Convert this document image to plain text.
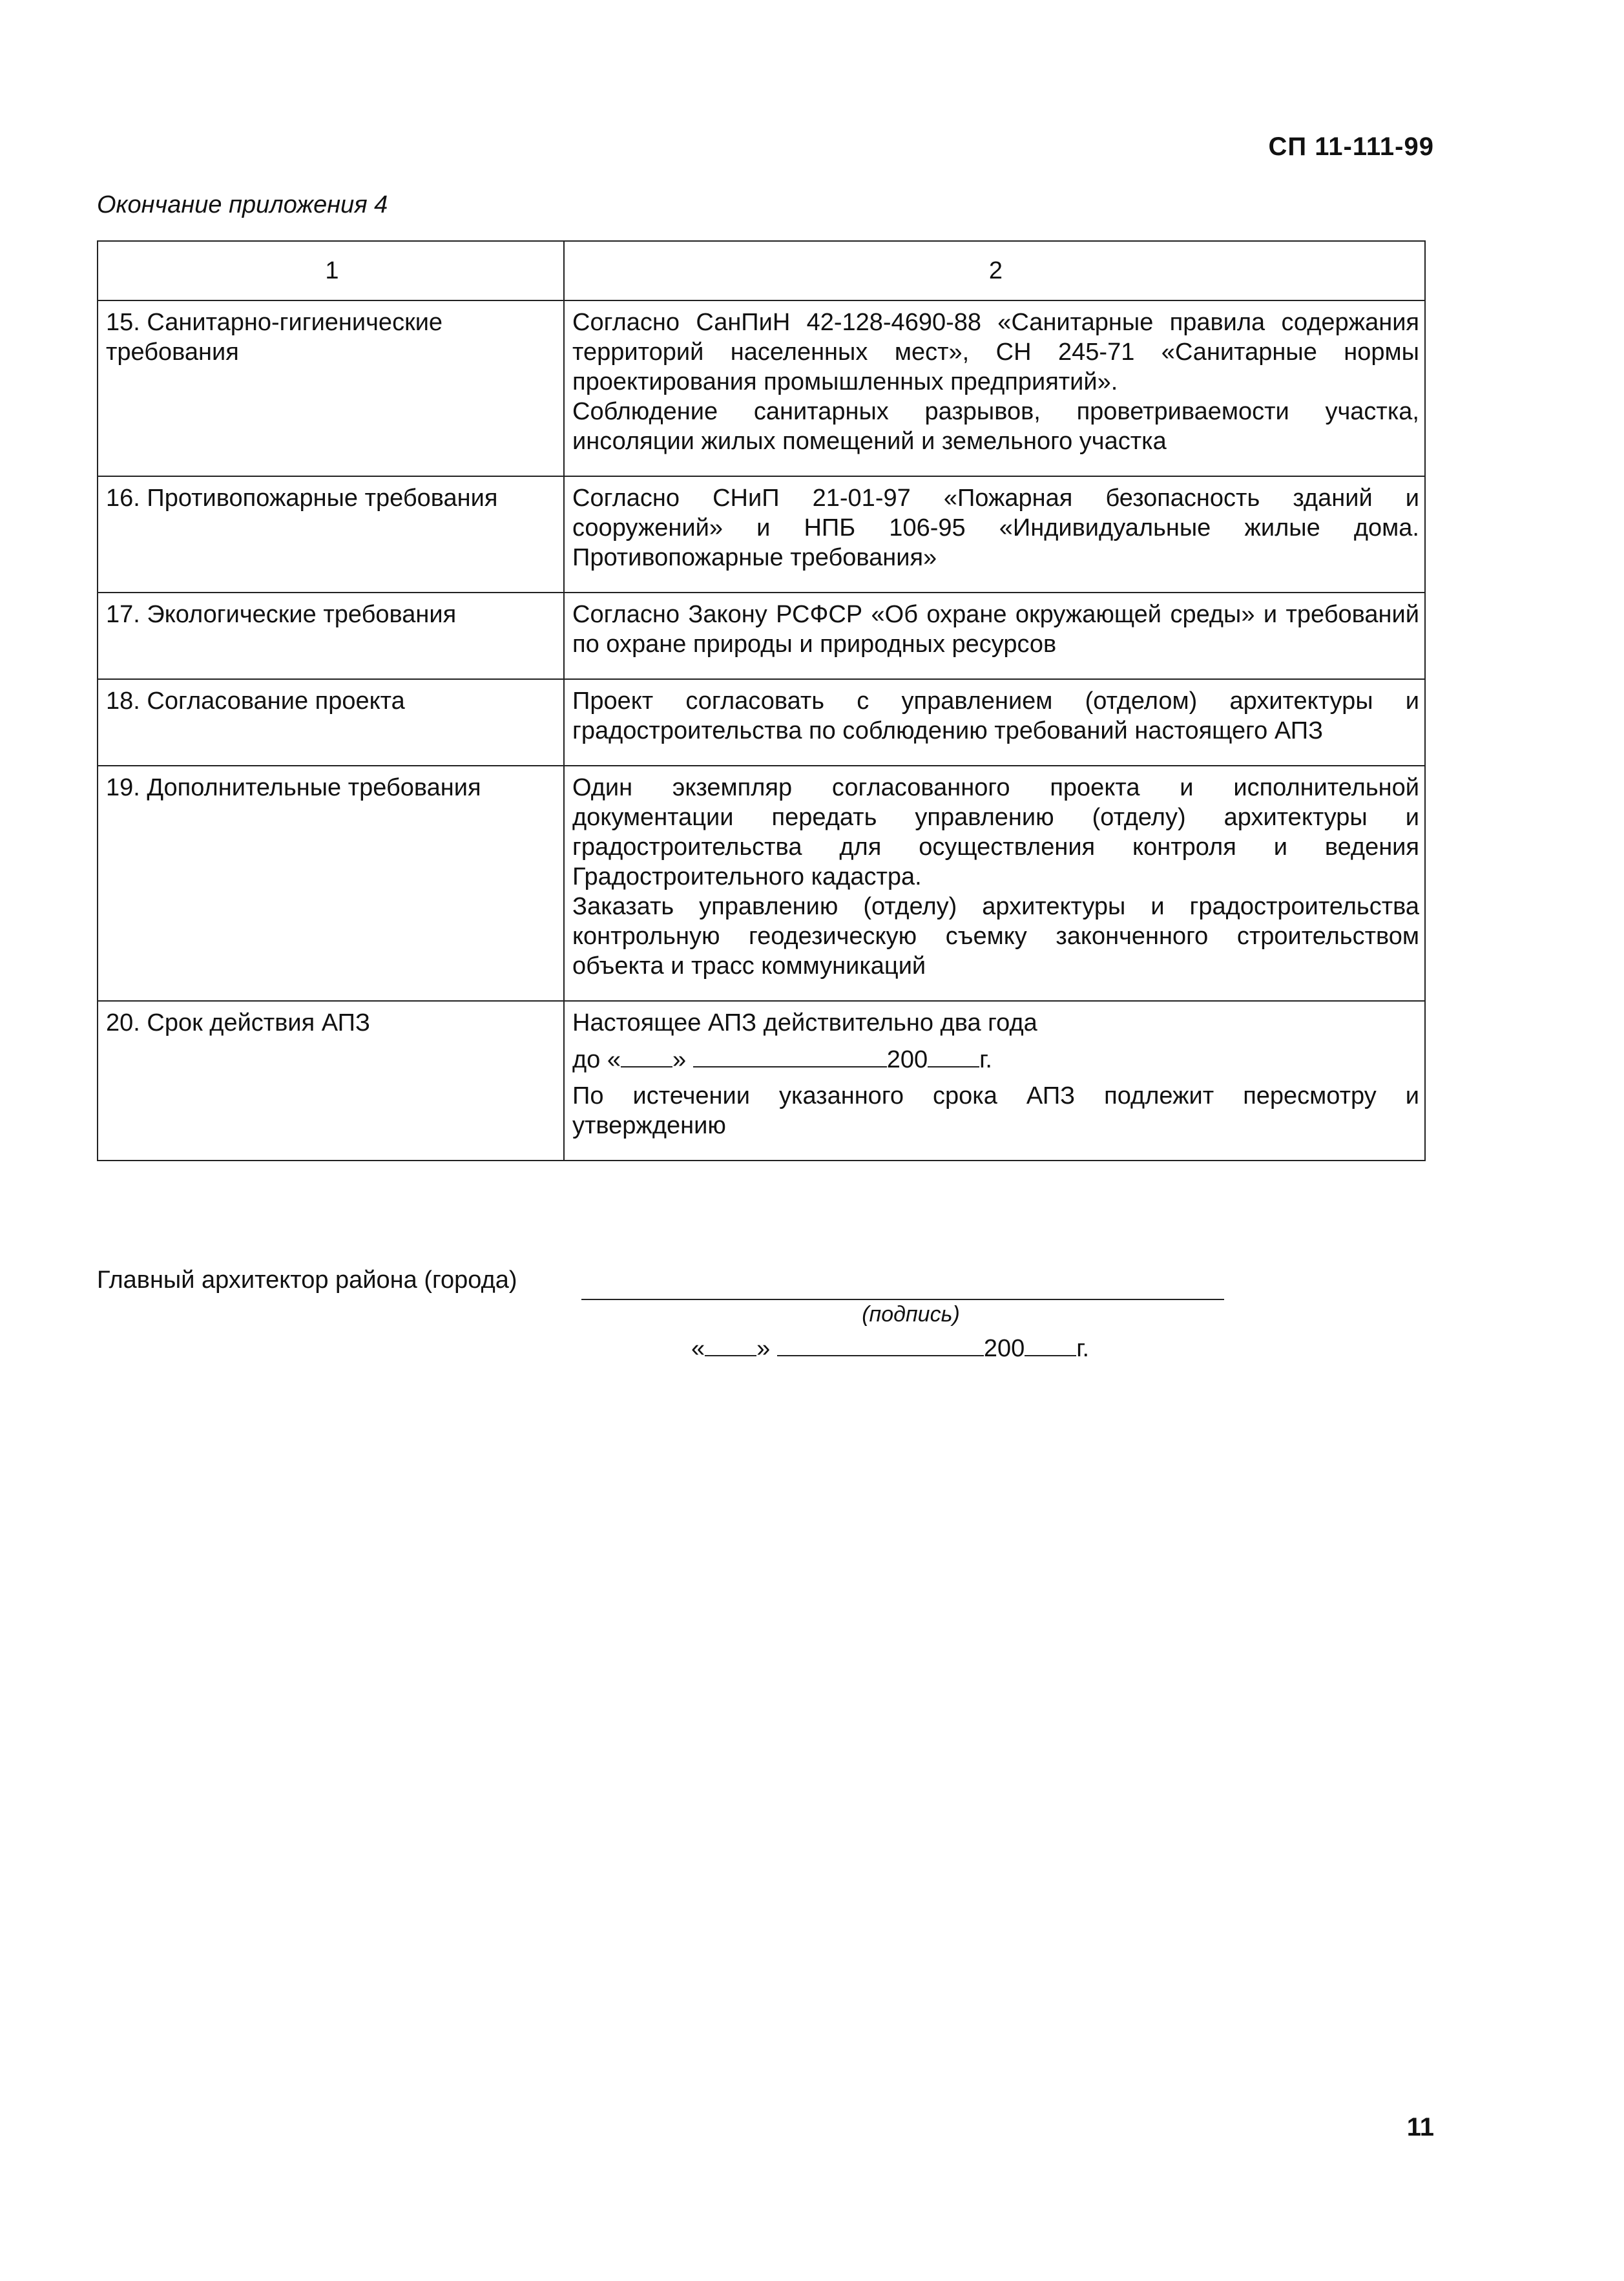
СП 11-111-99
Окончание приложения 4
1	2
15. Санитарно-гигиенические требования	Согласно СанПиН 42-128-4690-88 «Санитарные правила содержания территорий населенных мест», СН 245-71 «Санитарные нормы проектирования промышленных предприятий».
Соблюдение санитарных разрывов, проветриваемости участка, инсоляции жилых помещений и земельного участка

16. Противопожарные требования	Согласно СНиП 21-01-97 «Пожарная безопасность зданий и сооружений» и НПБ 106-95 «Индивидуальные жилые дома. Противопожарные требования»

17. Экологические требования	Согласно Закону РСФСР «Об охране окружающей среды» и требований по охране природы и природных ресурсов

18. Согласование проекта	Проект согласовать с управлением (отделом) архитектуры и градостроительства по соблюдению требований настоящего АПЗ

19. Дополнительные требования	Один экземпляр согласованного проекта и исполнительной документации передать управлению (отделу) архитектуры и градостроительства для осуществления контроля и ведения Градостроительного кадастра.
Заказать управлению (отделу) архитектуры и градостроительства контрольную геодезическую съемку законченного строительством объекта и трасс коммуникаций

20. Срок действия АПЗ	Настоящее АПЗ действительно два года
до « » 200 г.
По истечении указанного срока АПЗ подлежит пересмотру и утверждению
Главный архитектор района (города)
(подпись)
« »	200 г.
11
